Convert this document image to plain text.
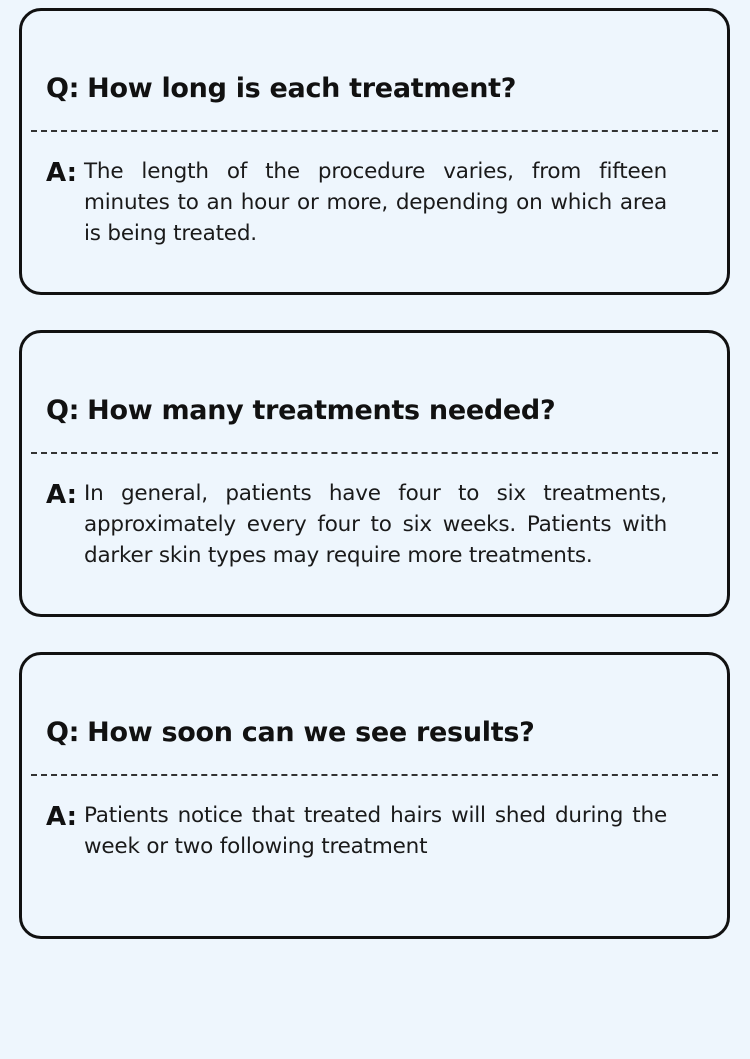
Q: How long is each treatment?
A: The length of the procedure varies, from fifteen minutes to an hour or more, depending on which area is being treated.
Q: How many treatments needed?
A: In general, patients have four to six treatments, approximately every four to six weeks. Patients with darker skin types may require more treatments.
Q: How soon can we see results?
A: Patients notice that treated hairs will shed during the week or two following treatment
